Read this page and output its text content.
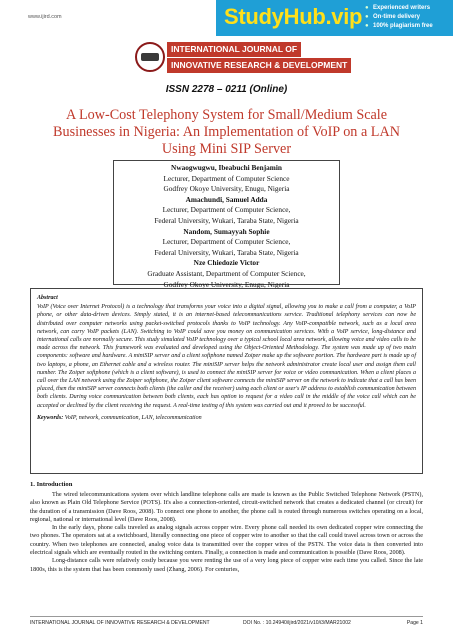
www.ijird.com	StudyHub.vip ● Experienced writers
● On-time delivery
● 100% plagiarism free
INTERNATIONAL JOURNAL OF
INNOVATIVE RESEARCH & DEVELOPMENT
ISSN 2278 – 0211 (Online)
A Low-Cost Telephony System for Small/Medium Scale Businesses in Nigeria: An Implementation of VoIP on a LAN Using Mini SIP Server
Nwaogwugwu, Ibeabuchi Benjamin
Lecturer, Department of Computer Science
Godfrey Okoye University, Enugu, Nigeria
Amachundi, Samuel Adda
Lecturer, Department of Computer Science,
Federal University, Wukari, Taraba State, Nigeria
Nandom, Sumayyah Sophie
Lecturer, Department of Computer Science,
Federal University, Wukari, Taraba State, Nigeria
Nze Chiedozie Victor
Graduate Assistant, Department of Computer Science,
Godfrey Okoye University, Enugu, Nigeria
Abstract
VoIP (Voice over Internet Protocol) is a technology that transforms your voice into a digital signal, allowing you to make a call from a computer, a VoIP phone, or other data-driven devices. Simply stated, it is an internet-based telecommunications service. Traditional telephony services can now be distributed over computer networks using packet-switched protocols thanks to VoIP technology. Any VoIP-compatible network, such as a local area network, can carry VoIP packets (LAN). Switching to VoIP could save you money on communication services. With a VoIP service, long-distance and international calls are normally secure. This study simulated VoIP technology over a typical school local area network, allowing voice and video calls to be made across the network. This framework was evaluated and developed using the Object-Oriented Methodology. The system was made up of two main components: software and hardware. A miniSIP server and a client softphone named Zoiper make up the software portion. The hardware part is made up of two laptops, a phone, an Ethernet cable and a wireless router. The miniSIP server helps the network administrator create local user and assign them call number. The Zoiper softphone (which is a client software), is used to connect the miniSIP server for voice or video communication. When a client places a call over the LAN network using the Zoiper softphone, the Zoiper client software connects the miniSIP server on the network to indicate that a call has been placed, then the miniSIP server connects both clients (the caller and the receiver) using each client or user's IP address to establish communication between both clients. During voice communication between both clients, each has option to request for a video call in the middle of the voice call which can be accepted or declined by the client receiving the request. A real-time testing of this system was carried out and it proved to be successful.
Keywords: VoIP, network, communication, LAN, telecommunication
1. Introduction

The wired telecommunications system over which landline telephone calls are made is known as the Public Switched Telephone Network (PSTN), also known as Plain Old Telephone Service (POTS). It's also a connection-oriented, circuit-switched network that creates a dedicated channel (or circuit) for the duration of a transmission (Dave Roos, 2008). To connect one phone to another, the phone call is routed through numerous switches operating on a local, regional, national or international level (Dave Roos, 2008).

In the early days, phone calls traveled as analog signals across copper wire. Every phone call needed its own dedicated copper wire connecting the two phones. The operators sat at a switchboard, literally connecting one piece of copper wire to another so that the call could travel across town or across the country. When two telephones are connected, analog voice data is transmitted over the copper wires of the PSTN. The voice data is then converted into electrical signals which are eventually routed in the switching centers. Finally, a connection is made and communication is possible (Dave Roos, 2008).

Long-distance calls were relatively costly because you were renting the use of a very long piece of copper wire each time you called. Since the late 1800s, this is the system that has been commonly used (Zhang, 2006). For centuries,

INTERNATIONAL JOURNAL OF INNOVATIVE RESEARCH & DEVELOPMENT	DOI No. : 10.24940/ijird/2021/v10/i3/MAR21002	Page 1
